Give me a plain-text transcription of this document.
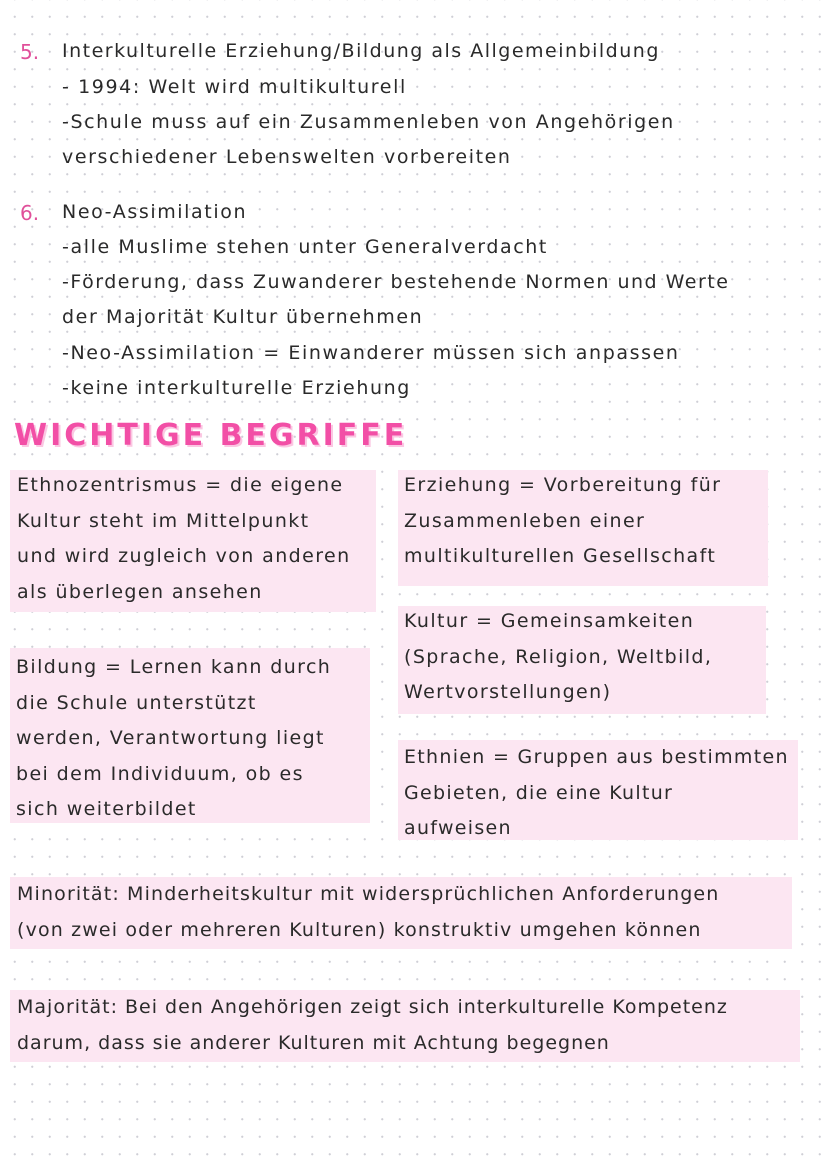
5. Interkulturelle Erziehung/Bildung als Allgemeinbildung
- 1994: Welt wird multikulturell
-Schule muss auf ein Zusammenleben von Angehörigen
verschiedener Lebenswelten vorbereiten
6. Neo-Assimilation
-alle Muslime stehen unter Generalverdacht
-Förderung, dass Zuwanderer bestehende Normen und Werte
der Majorität Kultur übernehmen
-Neo-Assimilation = Einwanderer müssen sich anpassen
-keine interkulturelle Erziehung
WICHTIGE BEGRIFFE
Ethnozentrismus = die eigene
Kultur steht im Mittelpunkt
und wird zugleich von anderen
als überlegen ansehen
Erziehung = Vorbereitung für
Zusammenleben einer
multikulturellen Gesellschaft
Kultur = Gemeinsamkeiten
(Sprache, Religion, Weltbild,
Wertvorstellungen)
Bildung = Lernen kann durch
die Schule unterstützt
werden, Verantwortung liegt
bei dem Individuum, ob es
sich weiterbildet
Ethnien = Gruppen aus bestimmten
Gebieten, die eine Kultur
aufweisen
Minorität: Minderheitskultur mit widersprüchlichen Anforderungen
(von zwei oder mehreren Kulturen) konstruktiv umgehen können
Majorität: Bei den Angehörigen zeigt sich interkulturelle Kompetenz
darum, dass sie anderer Kulturen mit Achtung begegnen
